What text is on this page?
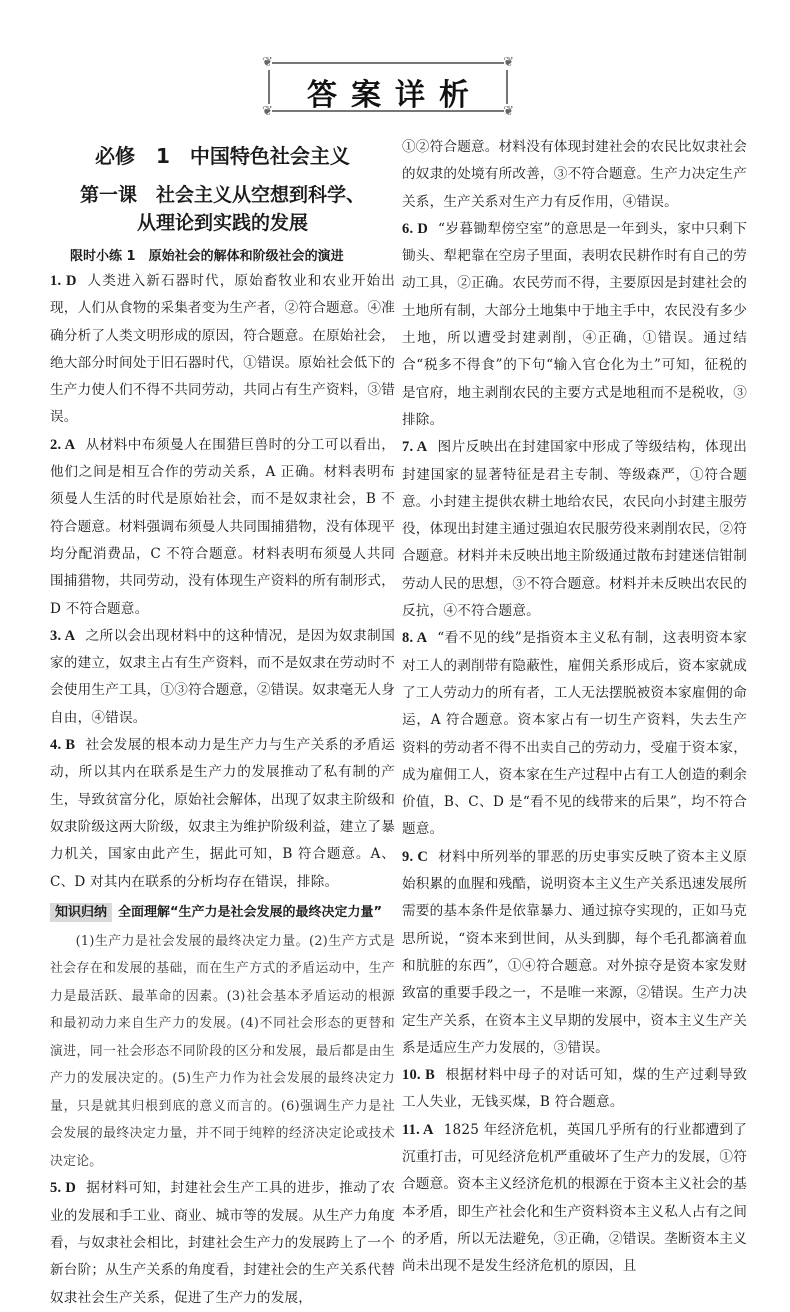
❦	❦
❦	❦
答案详析
必修 1　中国特色社会主义
第一课　社会主义从空想到科学、
从理论到实践的发展
限时小练 1　原始社会的解体和阶级社会的演进
1. D 人类进入新石器时代，原始畜牧业和农业开始出现，人们从食物的采集者变为生产者，②符合题意。④准确分析了人类文明形成的原因，符合题意。在原始社会，绝大部分时间处于旧石器时代，①错误。原始社会低下的生产力使人们不得不共同劳动，共同占有生产资料，③错误。
2. A 从材料中布须曼人在围猎巨兽时的分工可以看出，他们之间是相互合作的劳动关系，A 正确。材料表明布须曼人生活的时代是原始社会，而不是奴隶社会，B 不符合题意。材料强调布须曼人共同围捕猎物，没有体现平均分配消费品，C 不符合题意。材料表明布须曼人共同围捕猎物，共同劳动，没有体现生产资料的所有制形式，D 不符合题意。
3. A 之所以会出现材料中的这种情况，是因为奴隶制国家的建立，奴隶主占有生产资料，而不是奴隶在劳动时不会使用生产工具，①③符合题意，②错误。奴隶毫无人身自由，④错误。
4. B 社会发展的根本动力是生产力与生产关系的矛盾运动，所以其内在联系是生产力的发展推动了私有制的产生，导致贫富分化，原始社会解体，出现了奴隶主阶级和奴隶阶级这两大阶级，奴隶主为维护阶级利益，建立了暴力机关，国家由此产生，据此可知，B 符合题意。A、C、D 对其内在联系的分析均存在错误，排除。
知识归纳 全面理解“生产力是社会发展的最终决定力量”
(1)生产力是社会发展的最终决定力量。(2)生产方式是社会存在和发展的基础，而在生产方式的矛盾运动中，生产力是最活跃、最革命的因素。(3)社会基本矛盾运动的根源和最初动力来自生产力的发展。(4)不同社会形态的更替和演进，同一社会形态不同阶段的区分和发展，最后都是由生产力的发展决定的。(5)生产力作为社会发展的最终决定力量，只是就其归根到底的意义而言的。(6)强调生产力是社会发展的最终决定力量，并不同于纯粹的经济决定论或技术决定论。
5. D 据材料可知，封建社会生产工具的进步，推动了农业的发展和手工业、商业、城市等的发展。从生产力角度看，与奴隶社会相比，封建社会生产力的发展跨上了一个新台阶；从生产关系的角度看，封建社会的生产关系代替奴隶社会生产关系，促进了生产力的发展，
①②符合题意。材料没有体现封建社会的农民比奴隶社会的奴隶的处境有所改善，③不符合题意。生产力决定生产关系，生产关系对生产力有反作用，④错误。
6. D “岁暮锄犁傍空室”的意思是一年到头，家中只剩下锄头、犁耙靠在空房子里面，表明农民耕作时有自己的劳动工具，②正确。农民劳而不得，主要原因是封建社会的土地所有制，大部分土地集中于地主手中，农民没有多少土地，所以遭受封建剥削，④正确，①错误。通过结合“税多不得食”的下句“输入官仓化为土”可知，征税的是官府，地主剥削农民的主要方式是地租而不是税收，③排除。
7. A 图片反映出在封建国家中形成了等级结构，体现出封建国家的显著特征是君主专制、等级森严，①符合题意。小封建主提供农耕土地给农民，农民向小封建主服劳役，体现出封建主通过强迫农民服劳役来剥削农民，②符合题意。材料并未反映出地主阶级通过散布封建迷信钳制劳动人民的思想，③不符合题意。材料并未反映出农民的反抗，④不符合题意。
8. A “看不见的线”是指资本主义私有制，这表明资本家对工人的剥削带有隐蔽性，雇佣关系形成后，资本家就成了工人劳动力的所有者，工人无法摆脱被资本家雇佣的命运，A 符合题意。资本家占有一切生产资料，失去生产资料的劳动者不得不出卖自己的劳动力，受雇于资本家，成为雇佣工人，资本家在生产过程中占有工人创造的剩余价值，B、C、D 是“看不见的线带来的后果”，均不符合题意。
9. C 材料中所列举的罪恶的历史事实反映了资本主义原始积累的血腥和残酷，说明资本主义生产关系迅速发展所需要的基本条件是依靠暴力、通过掠夺实现的，正如马克思所说，“资本来到世间，从头到脚，每个毛孔都滴着血和肮脏的东西”，①④符合题意。对外掠夺是资本家发财致富的重要手段之一，不是唯一来源，②错误。生产力决定生产关系，在资本主义早期的发展中，资本主义生产关系是适应生产力发展的，③错误。
10. B 根据材料中母子的对话可知，煤的生产过剩导致工人失业，无钱买煤，B 符合题意。
11. A 1825 年经济危机，英国几乎所有的行业都遭到了沉重打击，可见经济危机严重破坏了生产力的发展，①符合题意。资本主义经济危机的根源在于资本主义社会的基本矛盾，即生产社会化和生产资料资本主义私人占有之间的矛盾，所以无法避免，③正确，②错误。垄断资本主义尚未出现不是发生经济危机的原因，且
